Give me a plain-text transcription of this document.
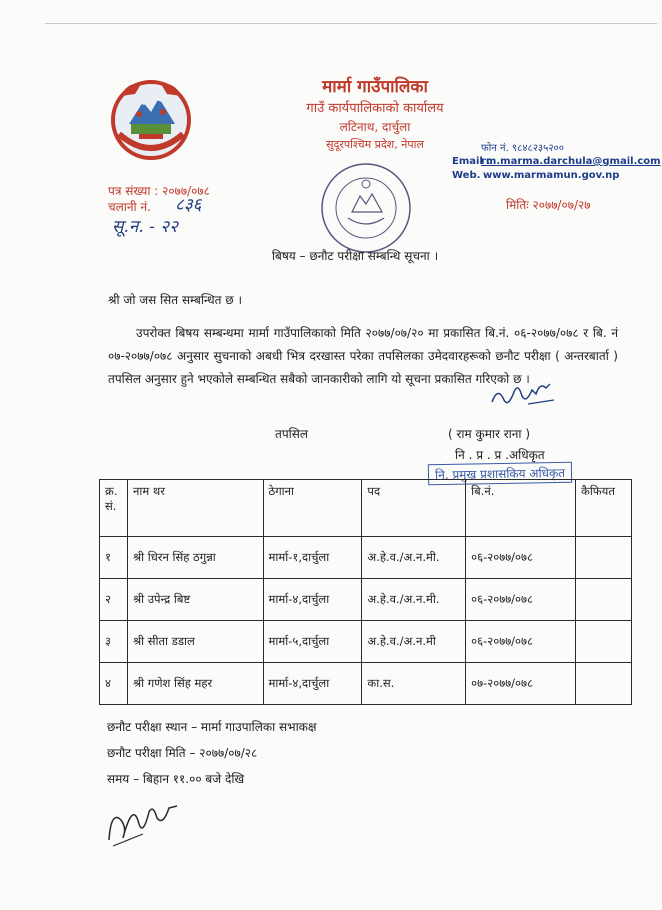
मार्मा गाउँपालिका
गाउँ कार्यपालिकाको कार्यालय
लटिनाथ, दार्चुला
सुदूरपश्चिम प्रदेश, नेपाल	फोन नं. ९८४८२३५२००
Email :
rm.marma.darchula@gmail.com
Web. www.marmamun.gov.np
पत्र संख्या : २०७७/०७८
चलानी नं. ८३६
सू.न. - २२
मितिः २०७७/०७/२७
बिषय – छनौट परीक्षा सम्बन्धि सूचना ।
श्री जो जस सित सम्बन्धित छ ।

उपरोक्त बिषय सम्बन्धमा मार्मा गाउँपालिकाको मिति २०७७/०७/२० मा प्रकासित बि.नं. ०६-२०७७/०७८ र बि. नं ०७-२०७७/०७८ अनुसार सुचनाको अबधी भित्र दरखास्त परेका तपसिलका उमेदवारहरूको छनौट परीक्षा ( अन्तरबार्ता ) तपसिल अनुसार हुने भएकोले सम्बन्धित सबैको जानकारीको लागि यो सूचना प्रकासित गरिएको छ ।

तपसिल	( राम कुमार राना )
नि . प्र . प्र .अधिकृत
नि. प्रमुख प्रशासकिय अधिकृत
क्र. सं.	नाम थर	ठेगाना	पद	बि.नं.	कैफियत
१	श्री धिरन सिंह ठगुन्ना	मार्मा-१,दार्चुला	अ.हे.व./अ.न.मी.	०६-२०७७/०७८	
२	श्री उपेन्द्र बिष्ट	मार्मा-४,दार्चुला	अ.हे.व./अ.न.मी.	०६-२०७७/०७८	
३	श्री सीता डडाल	मार्मा-५,दार्चुला	अ.हे.व./अ.न.मी	०६-२०७७/०७८	
४	श्री गणेश सिंह महर	मार्मा-४,दार्चुला	का.स.	०७-२०७७/०७८	
छनौट परीक्षा स्थान – मार्मा गाउपालिका सभाकक्ष
छनौट परीक्षा मिति – २०७७/०७/२८
समय – बिहान ११.०० बजे देखि
